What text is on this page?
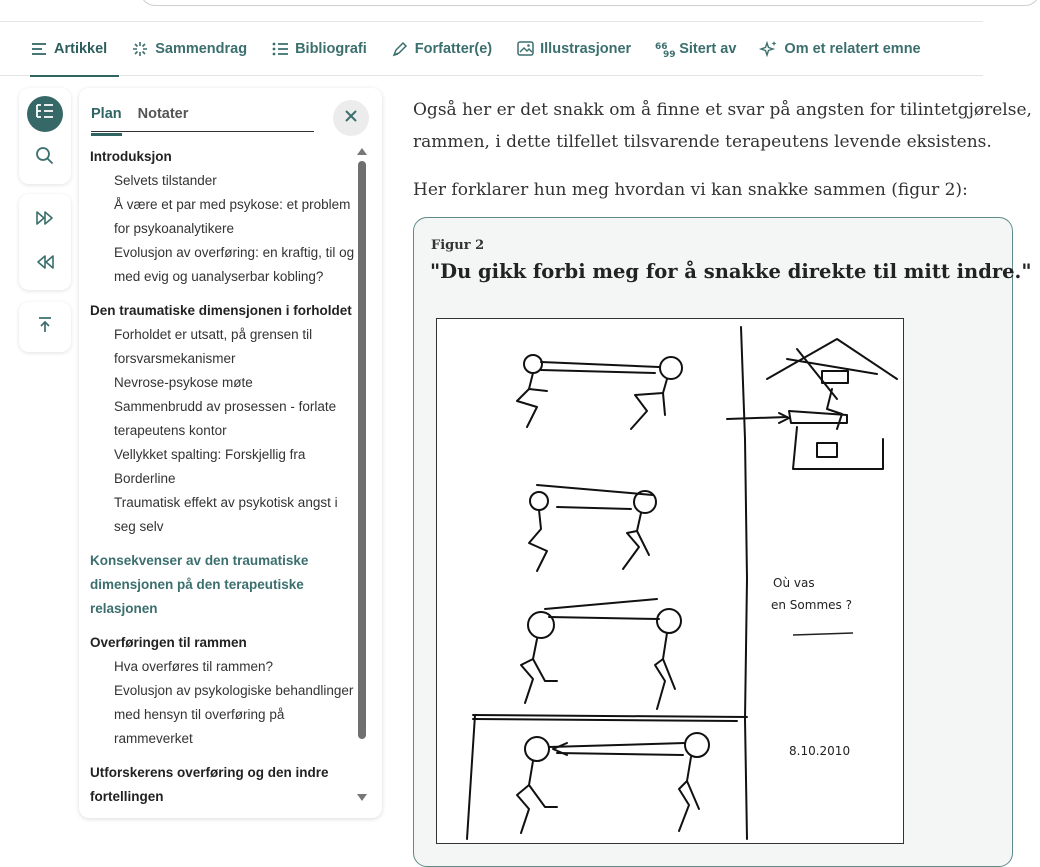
Artikkel	Sammendrag	Bibliografi	Forfatter(e)	Illustrasjoner	66
99 Sitert av	Om et relatert emne
Plan Notater
Introduksjon
Selvets tilstander
Å være et par med psykose: et problem for psykoanalytikere
Evolusjon av overføring: en kraftig, til og med evig og uanalyserbar kobling?
Den traumatiske dimensjonen i forholdet
Forholdet er utsatt, på grensen til forsvarsmekanismer
Nevrose-psykose møte
Sammenbrudd av prosessen - forlate terapeutens kontor
Vellykket spalting: Forskjellig fra Borderline
Traumatisk effekt av psykotisk angst i seg selv
Konsekvenser av den traumatiske dimensjonen på den terapeutiske relasjonen
Overføringen til rammen
Hva overføres til rammen?
Evolusjon av psykologiske behandlinger med hensyn til overføring på rammeverket
Utforskerens overføring og den indre fortellingen
Også her er det snakk om å finne et svar på angsten for tilintetgjørelse,
rammen, i dette tilfellet tilsvarende terapeutens levende eksistens.
Her forklarer hun meg hvordan vi kan snakke sammen (figur 2):
Figur 2
"Du gikk forbi meg for å snakke direkte til mitt indre."
Où vas
en Sommes ?
8.10.2010
